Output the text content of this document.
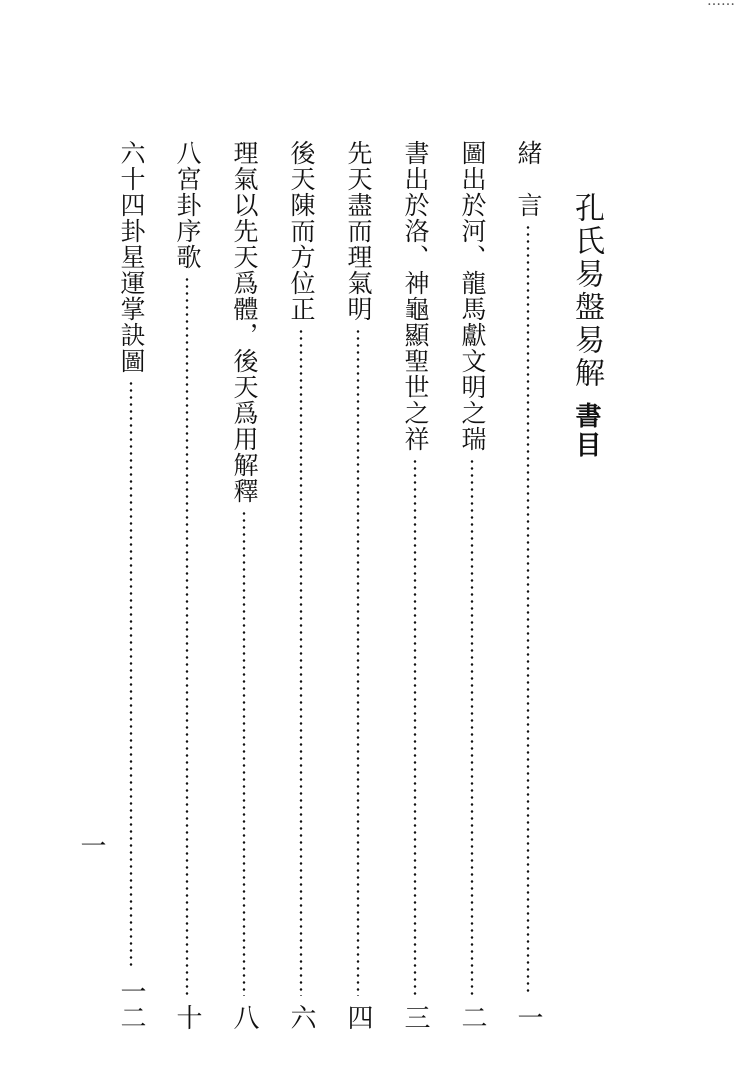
……
孔氏易盤易解書目
緒　言
一
圖出於河、龍馬獻文明之瑞
二
書出於洛、神龜顯聖世之祥
三
先天盡而理氣明
四
後天陳而方位正
六
理氣以先天爲體，後天爲用解釋
八
八宮卦序歌
十
六十四卦星運掌訣圖
一二
一
